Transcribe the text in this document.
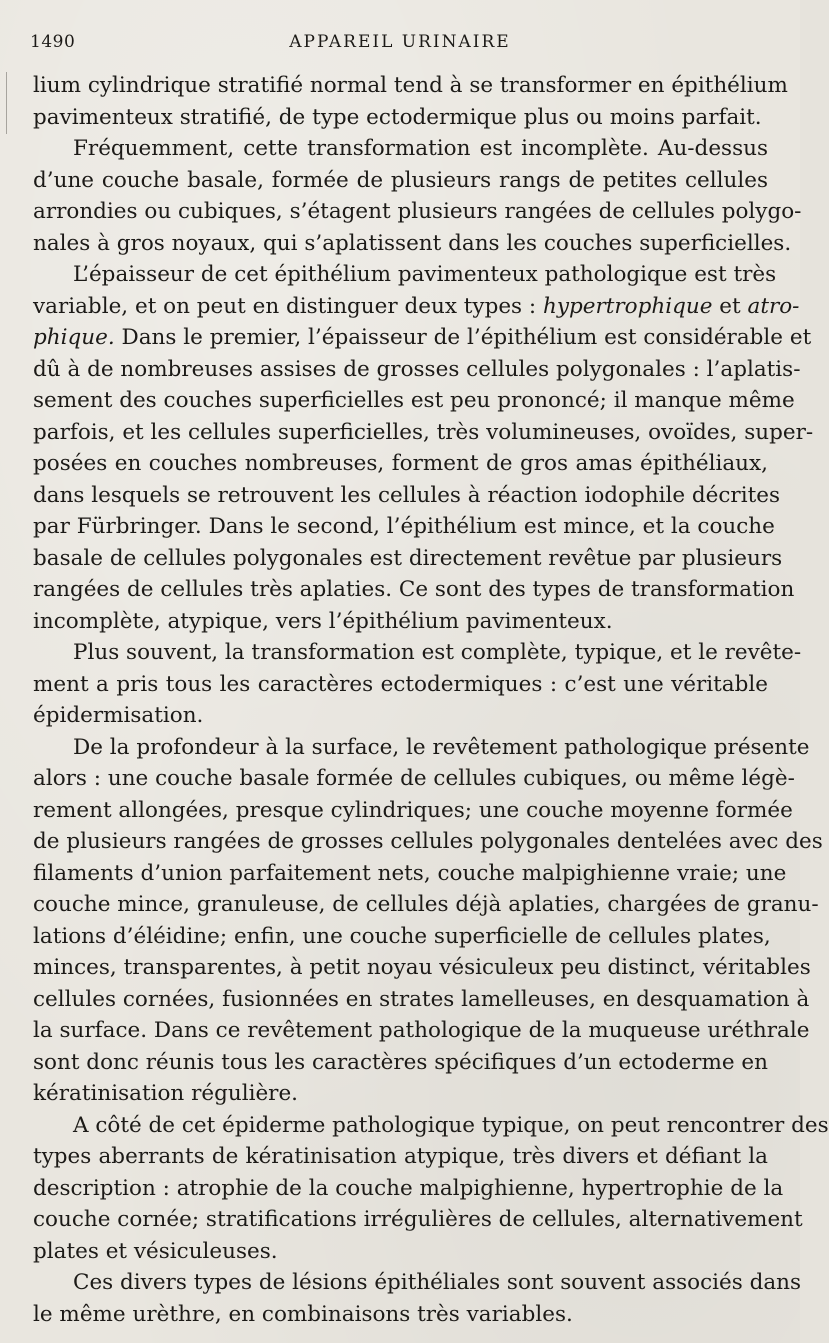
1490	APPAREIL URINAIRE
lium cylindrique stratifié normal tend à se transformer en épithélium
pavimenteux stratifié, de type ectodermique plus ou moins parfait.
Fréquemment, cette transformation est incomplète. Au-dessus
d’une couche basale, formée de plusieurs rangs de petites cellules
arrondies ou cubiques, s’étagent plusieurs rangées de cellules polygo-
nales à gros noyaux, qui s’aplatissent dans les couches superficielles.
L’épaisseur de cet épithélium pavimenteux pathologique est très
variable, et on peut en distinguer deux types : hypertrophique et atro-
phique. Dans le premier, l’épaisseur de l’épithélium est considérable et
dû à de nombreuses assises de grosses cellules polygonales : l’aplatis-
sement des couches superficielles est peu prononcé; il manque même
parfois, et les cellules superficielles, très volumineuses, ovoïdes, super-
posées en couches nombreuses, forment de gros amas épithéliaux,
dans lesquels se retrouvent les cellules à réaction iodophile décrites
par Fürbringer. Dans le second, l’épithélium est mince, et la couche
basale de cellules polygonales est directement revêtue par plusieurs
rangées de cellules très aplaties. Ce sont des types de transformation
incomplète, atypique, vers l’épithélium pavimenteux.
Plus souvent, la transformation est complète, typique, et le revête-
ment a pris tous les caractères ectodermiques : c’est une véritable
épidermisation.
De la profondeur à la surface, le revêtement pathologique présente
alors : une couche basale formée de cellules cubiques, ou même légè-
rement allongées, presque cylindriques; une couche moyenne formée
de plusieurs rangées de grosses cellules polygonales dentelées avec des
filaments d’union parfaitement nets, couche malpighienne vraie; une
couche mince, granuleuse, de cellules déjà aplaties, chargées de granu-
lations d’éléidine; enfin, une couche superficielle de cellules plates,
minces, transparentes, à petit noyau vésiculeux peu distinct, véritables
cellules cornées, fusionnées en strates lamelleuses, en desquamation à
la surface. Dans ce revêtement pathologique de la muqueuse uréthrale
sont donc réunis tous les caractères spécifiques d’un ectoderme en
kératinisation régulière.
A côté de cet épiderme pathologique typique, on peut rencontrer des
types aberrants de kératinisation atypique, très divers et défiant la
description : atrophie de la couche malpighienne, hypertrophie de la
couche cornée; stratifications irrégulières de cellules, alternativement
plates et vésiculeuses.
Ces divers types de lésions épithéliales sont souvent associés dans
le même urèthre, en combinaisons très variables.
